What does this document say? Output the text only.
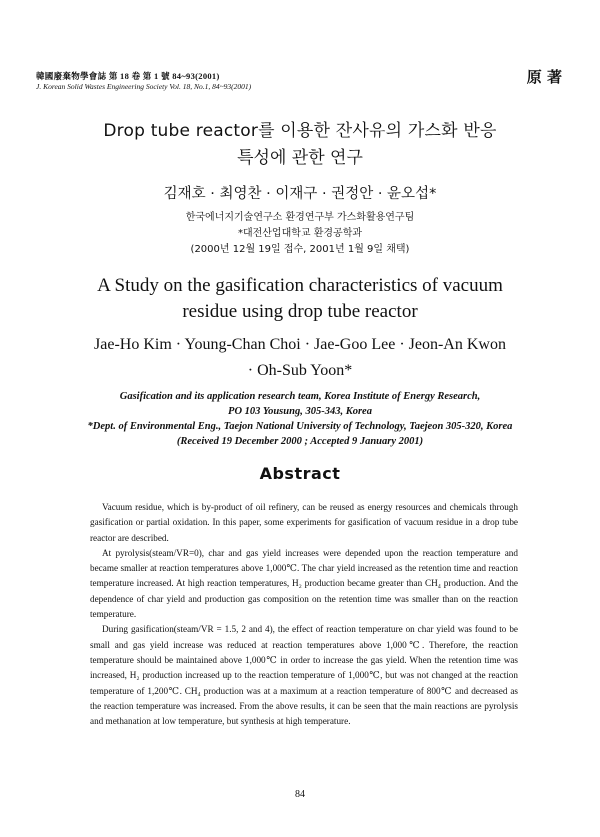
韓國廢棄物學會誌 第 18 卷 第 1 號 84~93(2001)
J. Korean Solid Wastes Engineering Society Vol. 18, No.1, 84~93(2001)
原 著
Drop tube reactor를 이용한 잔사유의 가스화 반응
특성에 관한 연구
김재호 · 최영찬 · 이재구 · 권정안 · 윤오섭*
한국에너지기술연구소 환경연구부 가스화활용연구팀
*대전산업대학교 환경공학과
(2000년 12월 19일 접수, 2001년 1월 9일 채택)
A Study on the gasification characteristics of vacuum
residue using drop tube reactor
Jae-Ho Kim · Young-Chan Choi · Jae-Goo Lee · Jeon-An Kwon
· Oh-Sub Yoon*
Gasification and its application research team, Korea Institute of Energy Research,
PO 103 Yousung, 305-343, Korea
*Dept. of Environmental Eng., Taejon National University of Technology, Taejeon 305-320, Korea
(Received 19 December 2000 ; Accepted 9 January 2001)
Abstract

Vacuum residue, which is by-product of oil refinery, can be reused as energy resources and chemicals through gasification or partial oxidation. In this paper, some experiments for gasification of vacuum residue in a drop tube reactor are described.

At pyrolysis(steam/VR=0), char and gas yield increases were depended upon the reaction temperature and became smaller at reaction temperatures above 1,000℃. The char yield increased as the retention time and reaction temperature increased. At high reaction temperatures, H₂ production became greater than CH₄ production. And the dependence of char yield and production gas composition on the retention time was smaller than on the reaction temperature.

During gasification(steam/VR = 1.5, 2 and 4), the effect of reaction temperature on char yield was found to be small and gas yield increase was reduced at reaction temperatures above 1,000℃. Therefore, the reaction temperature should be maintained above 1,000℃ in order to increase the gas yield. When the retention time was increased, H₂ production increased up to the reaction temperature of 1,000℃, but was not changed at the reaction temperature of 1,200℃. CH₄ production was at a maximum at a reaction temperature of 800℃ and decreased as the reaction temperature was increased. From the above results, it can be seen that the main reactions are pyrolysis and methanation at low temperature, but synthesis at high temperature.

84
